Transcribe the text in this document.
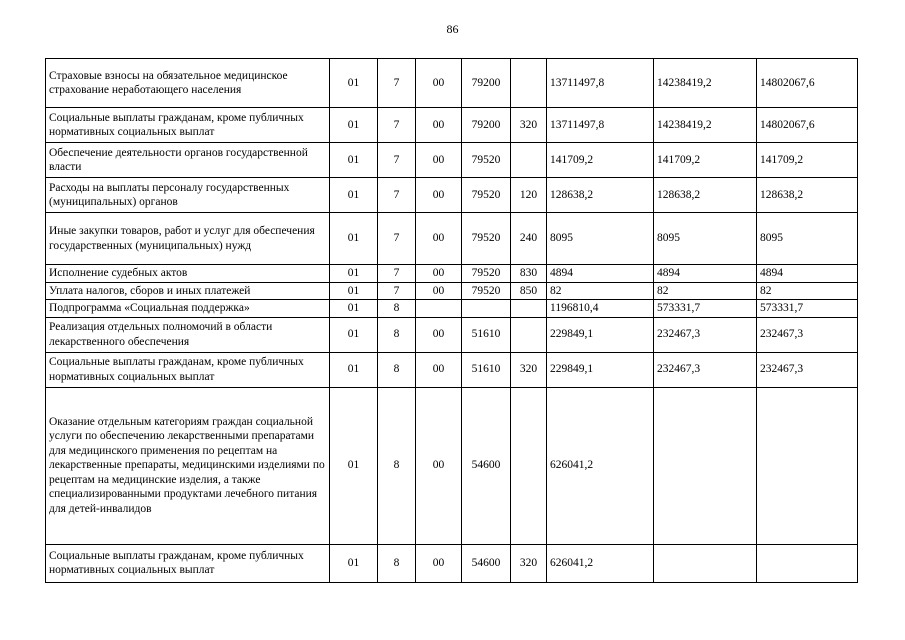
86
Страховые взносы на обязательное медицинское страхование неработающего населения	01	7	00	79200		13711497,8	14238419,2	14802067,6
Социальные выплаты гражданам, кроме публичных нормативных социальных выплат	01	7	00	79200	320	13711497,8	14238419,2	14802067,6
Обеспечение деятельности органов государственной власти	01	7	00	79520		141709,2	141709,2	141709,2
Расходы на выплаты персоналу государственных (муниципальных) органов	01	7	00	79520	120	128638,2	128638,2	128638,2
Иные закупки товаров, работ и услуг для обеспечения государственных (муниципальных) нужд	01	7	00	79520	240	8095	8095	8095
Исполнение судебных актов	01	7	00	79520	830	4894	4894	4894
Уплата налогов, сборов и иных платежей	01	7	00	79520	850	82	82	82
Подпрограмма «Социальная поддержка»	01	8				1196810,4	573331,7	573331,7
Реализация отдельных полномочий в области лекарственного обеспечения	01	8	00	51610		229849,1	232467,3	232467,3
Социальные выплаты гражданам, кроме публичных нормативных социальных выплат	01	8	00	51610	320	229849,1	232467,3	232467,3
Оказание отдельным категориям граждан социальной услуги по обеспечению лекарственными препаратами для медицинского применения по рецептам на лекарственные препараты, медицинскими изделиями по рецептам на медицинские изделия, а также специализированными продуктами лечебного питания для детей-инвалидов	01	8	00	54600		626041,2		
Социальные выплаты гражданам, кроме публичных нормативных социальных выплат	01	8	00	54600	320	626041,2		
